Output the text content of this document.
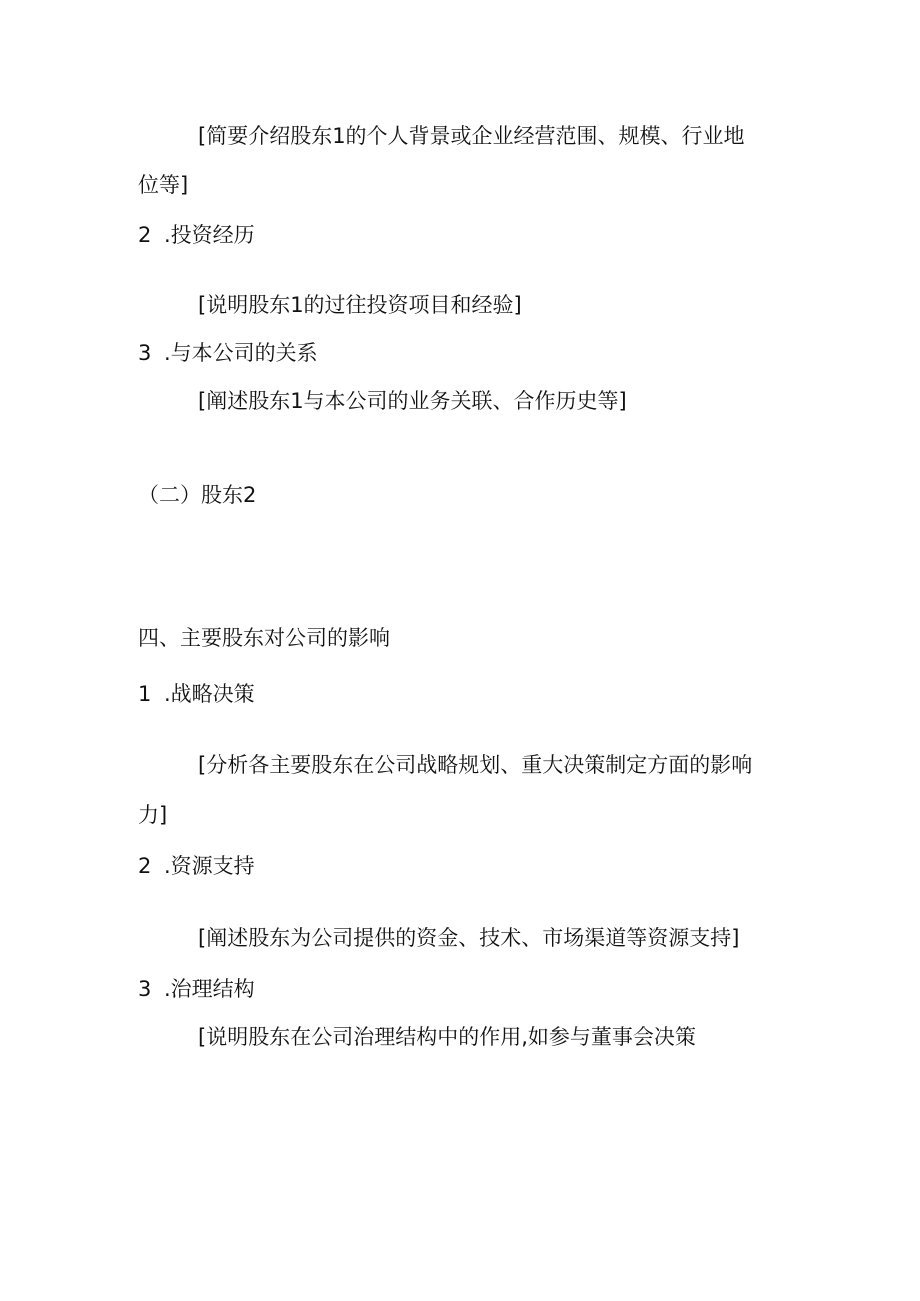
[简要介绍股东1的个人背景或企业经营范围、规模、行业地
位等]
2 .投资经历
[说明股东1的过往投资项目和经验]
3 .与本公司的关系
[阐述股东1与本公司的业务关联、合作历史等]
（二）股东2
四、主要股东对公司的影响
1 .战略决策
[分析各主要股东在公司战略规划、重大决策制定方面的影响
力]
2 .资源支持
[阐述股东为公司提供的资金、技术、市场渠道等资源支持]
3 .治理结构
[说明股东在公司治理结构中的作用,如参与董事会决策
